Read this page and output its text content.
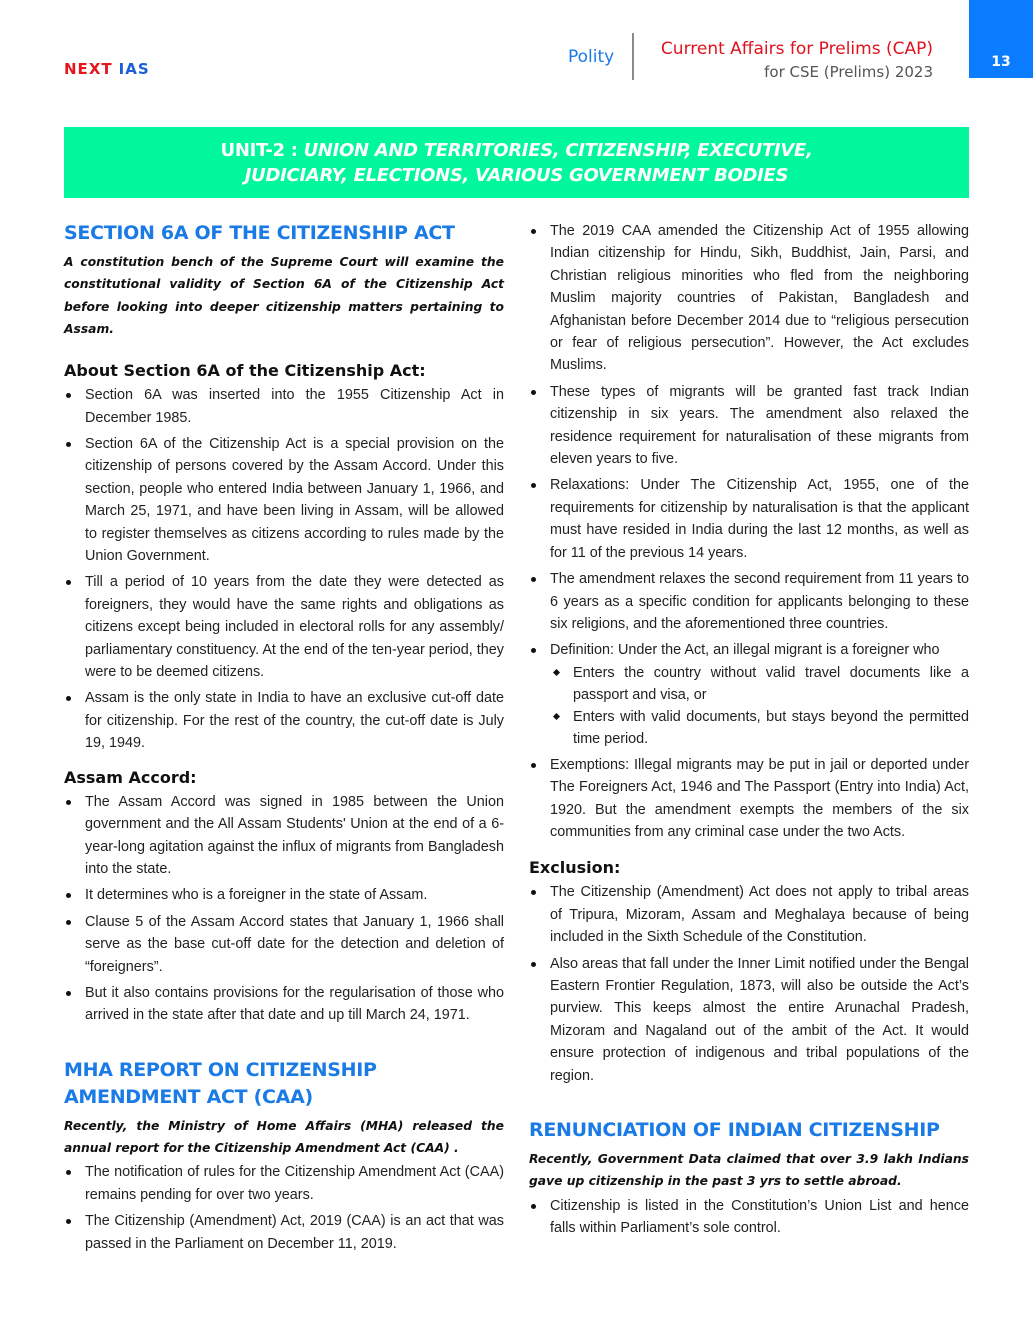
NEXT IAS
Polity	Current Affairs for Prelims (CAP)
for CSE (Prelims) 2023
13
UNIT-2 : UNION AND TERRITORIES, CITIZENSHIP, EXECUTIVE,
JUDICIARY, ELECTIONS, VARIOUS GOVERNMENT BODIES
SECTION 6A OF THE CITIZENSHIP ACT

A constitution bench of the Supreme Court will examine the constitutional validity of Section 6A of the Citizenship Act before looking into deeper citizenship matters pertaining to Assam.

About Section 6A of the Citizenship Act:
Section 6A was inserted into the 1955 Citizenship Act in December 1985.
Section 6A of the Citizenship Act is a special provision on the citizenship of persons covered by the Assam Accord. Under this section, people who entered India between January 1, 1966, and March 25, 1971, and have been living in Assam, will be allowed to register themselves as citizens according to rules made by the Union Government.
Till a period of 10 years from the date they were detected as foreigners, they would have the same rights and obligations as citizens except being included in electoral rolls for any assembly/ parliamentary constituency. At the end of the ten-year period, they were to be deemed citizens.
Assam is the only state in India to have an exclusive cut-off date for citizenship. For the rest of the country, the cut-off date is July 19, 1949.
Assam Accord:
The Assam Accord was signed in 1985 between the Union government and the All Assam Students' Union at the end of a 6-year-long agitation against the influx of migrants from Bangladesh into the state.
It determines who is a foreigner in the state of Assam.
Clause 5 of the Assam Accord states that January 1, 1966 shall serve as the base cut-off date for the detection and deletion of “foreigners”.
But it also contains provisions for the regularisation of those who arrived in the state after that date and up till March 24, 1971.
MHA REPORT ON CITIZENSHIP AMENDMENT ACT (CAA)

Recently, the Ministry of Home Affairs (MHA) released the annual report for the Citizenship Amendment Act (CAA) .

The notification of rules for the Citizenship Amendment Act (CAA) remains pending for over two years.
The Citizenship (Amendment) Act, 2019 (CAA) is an act that was passed in the Parliament on December 11, 2019.
The 2019 CAA amended the Citizenship Act of 1955 allowing Indian citizenship for Hindu, Sikh, Buddhist, Jain, Parsi, and Christian religious minorities who fled from the neighboring Muslim majority countries of Pakistan, Bangladesh and Afghanistan before December 2014 due to “religious persecution or fear of religious persecution”. However, the Act excludes Muslims.
These types of migrants will be granted fast track Indian citizenship in six years. The amendment also relaxed the residence requirement for naturalisation of these migrants from eleven years to five.
Relaxations: Under The Citizenship Act, 1955, one of the requirements for citizenship by naturalisation is that the applicant must have resided in India during the last 12 months, as well as for 11 of the previous 14 years.
The amendment relaxes the second requirement from 11 years to 6 years as a specific condition for applicants belonging to these six religions, and the aforementioned three countries.
Definition: Under the Act, an illegal migrant is a foreigner who
Enters the country without valid travel documents like a passport and visa, or
Enters with valid documents, but stays beyond the permitted time period.
Exemptions: Illegal migrants may be put in jail or deported under The Foreigners Act, 1946 and The Passport (Entry into India) Act, 1920. But the amendment exempts the members of the six communities from any criminal case under the two Acts.
Exclusion:
The Citizenship (Amendment) Act does not apply to tribal areas of Tripura, Mizoram, Assam and Meghalaya because of being included in the Sixth Schedule of the Constitution.
Also areas that fall under the Inner Limit notified under the Bengal Eastern Frontier Regulation, 1873, will also be outside the Act’s purview. This keeps almost the entire Arunachal Pradesh, Mizoram and Nagaland out of the ambit of the Act. It would ensure protection of indigenous and tribal populations of the region.
RENUNCIATION OF INDIAN CITIZENSHIP

Recently, Government Data claimed that over 3.9 lakh Indians gave up citizenship in the past 3 yrs to settle abroad.

Citizenship is listed in the Constitution’s Union List and hence falls within Parliament’s sole control.
